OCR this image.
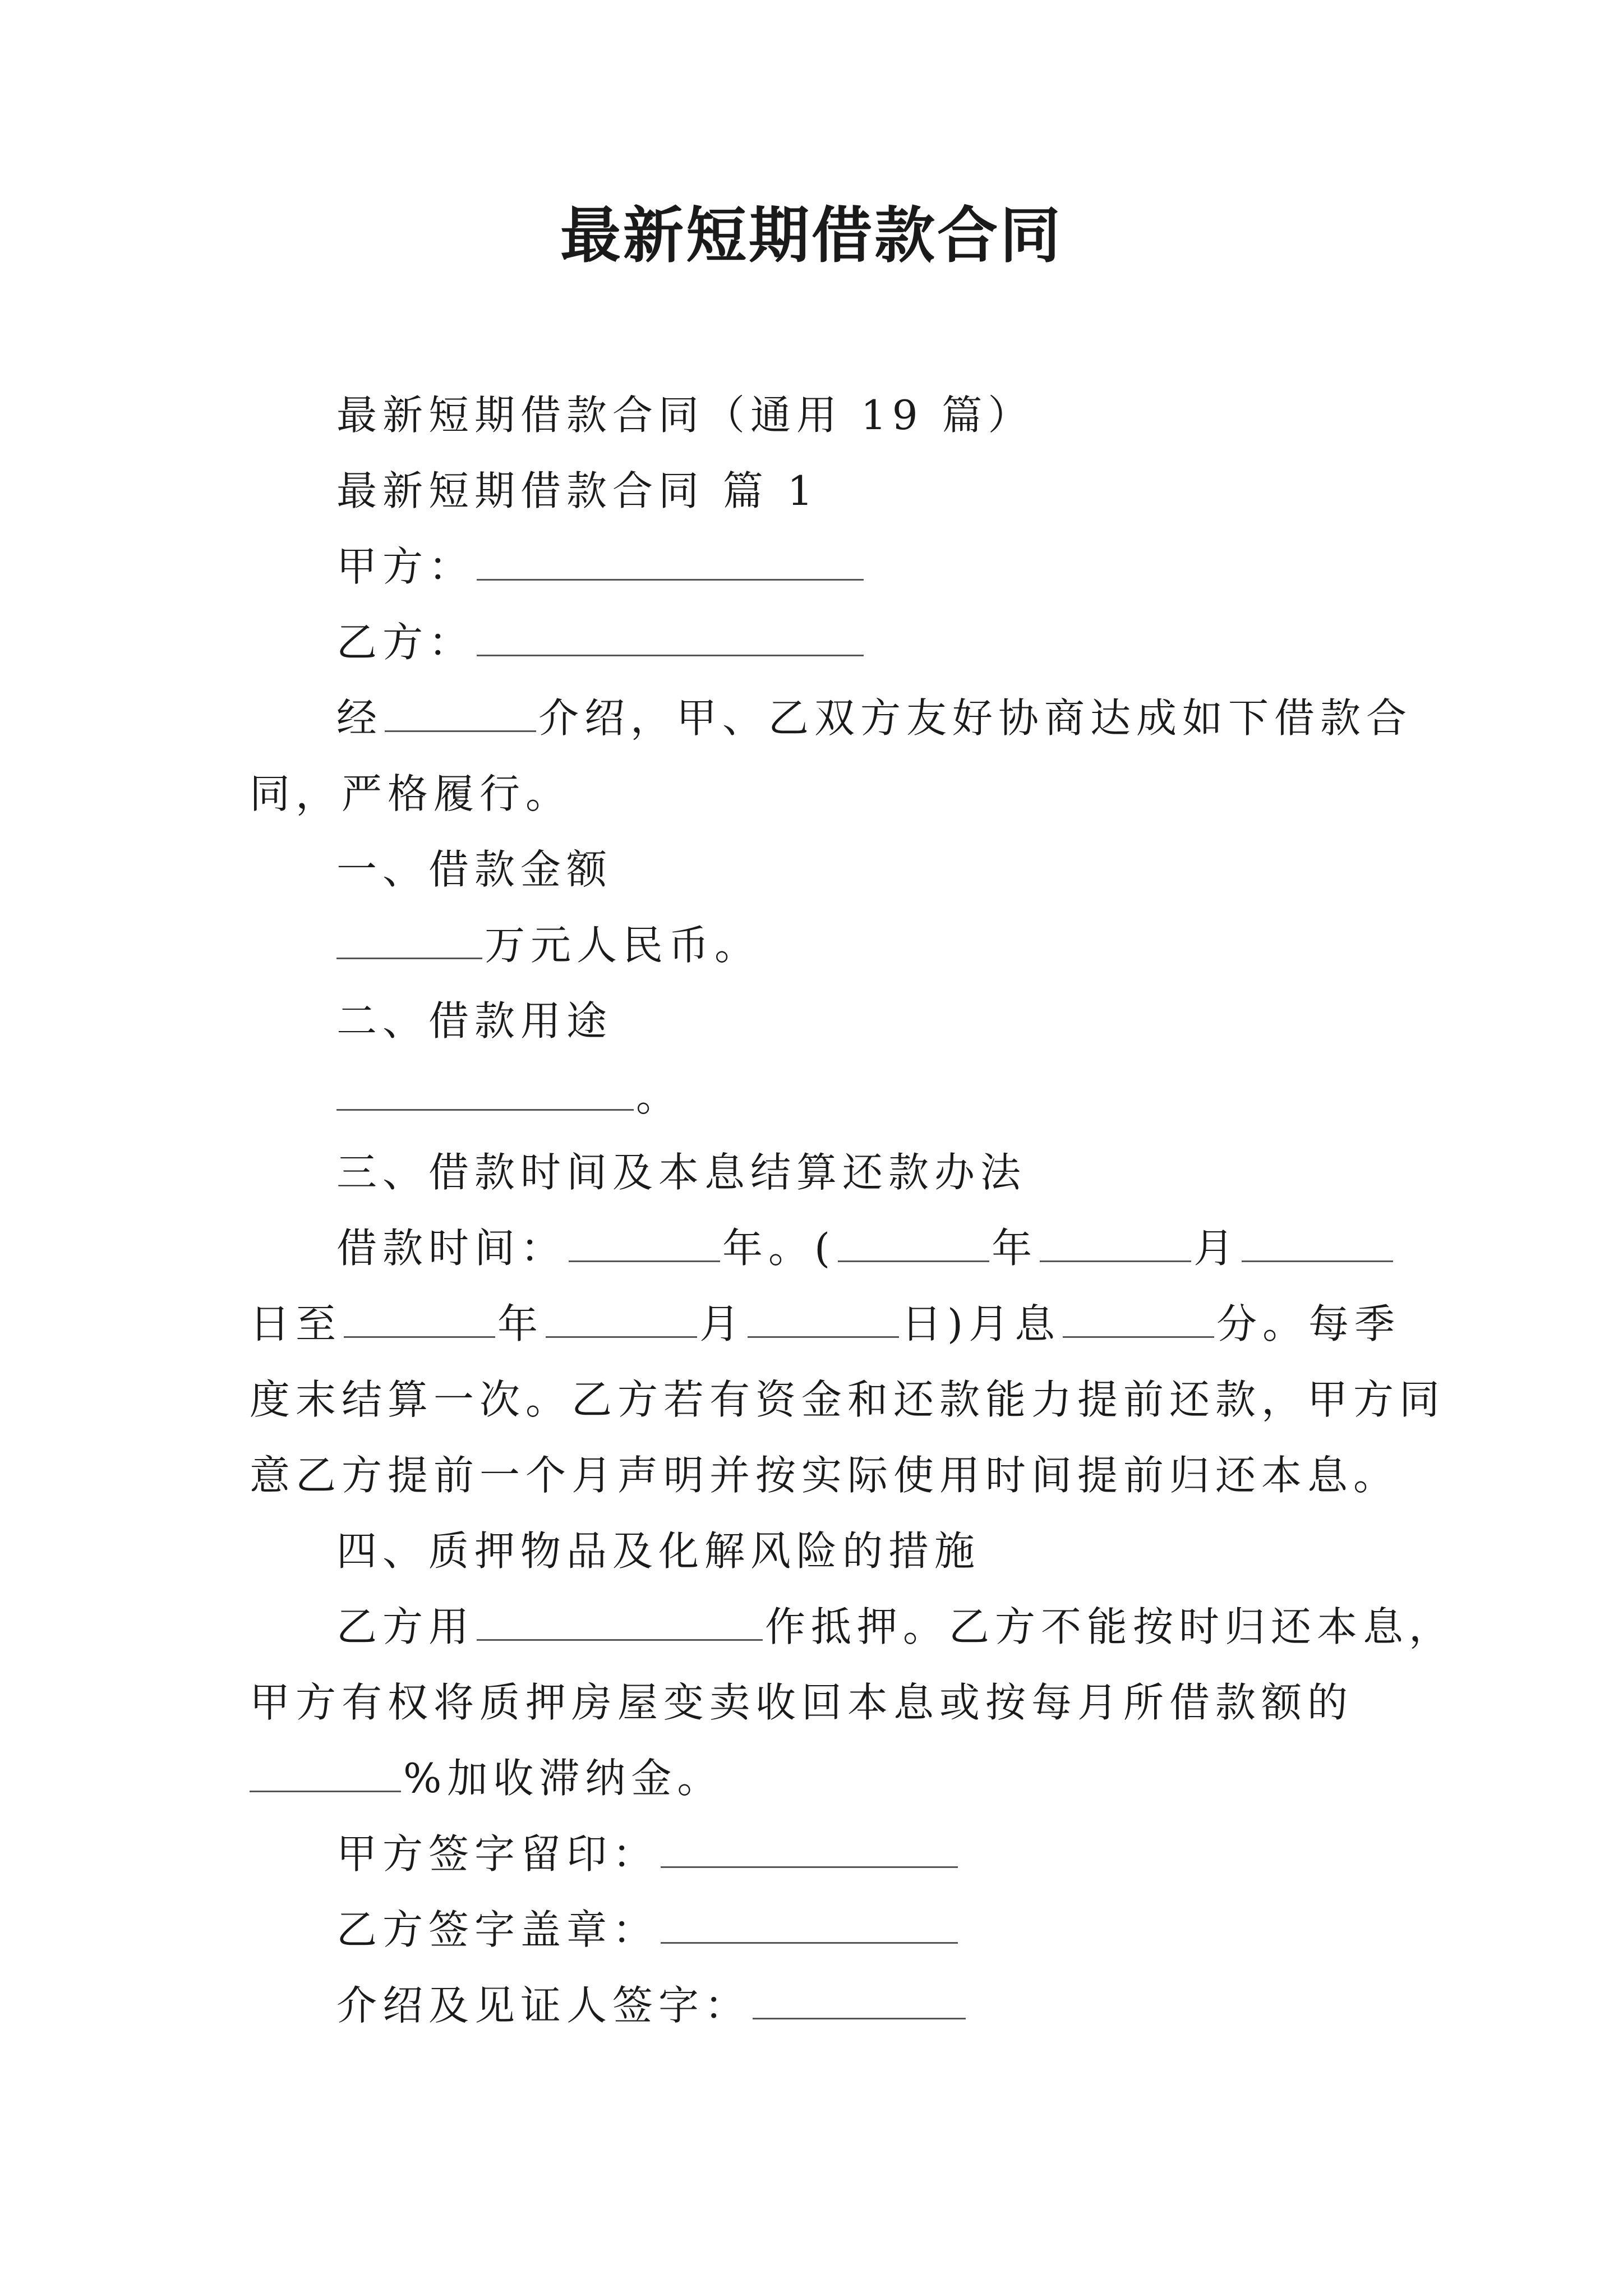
最新短期借款合同
最新短期借款合同（通用 19 篇）
最新短期借款合同 篇 1
甲方：
乙方：
经	介绍，甲、乙双方友好协商达成如下借款合
同，严格履行。
一、借款金额
万元人民币。
二、借款用途
。
三、借款时间及本息结算还款办法
借款时间：	年。(	年	月
日至	年	月	日)月息	分。每季
度末结算一次。乙方若有资金和还款能力提前还款，甲方同
意乙方提前一个月声明并按实际使用时间提前归还本息。
四、质押物品及化解风险的措施
乙方用	作抵押。乙方不能按时归还本息，
甲方有权将质押房屋变卖收回本息或按每月所借款额的
%加收滞纳金。
甲方签字留印：
乙方签字盖章：
介绍及见证人签字：
